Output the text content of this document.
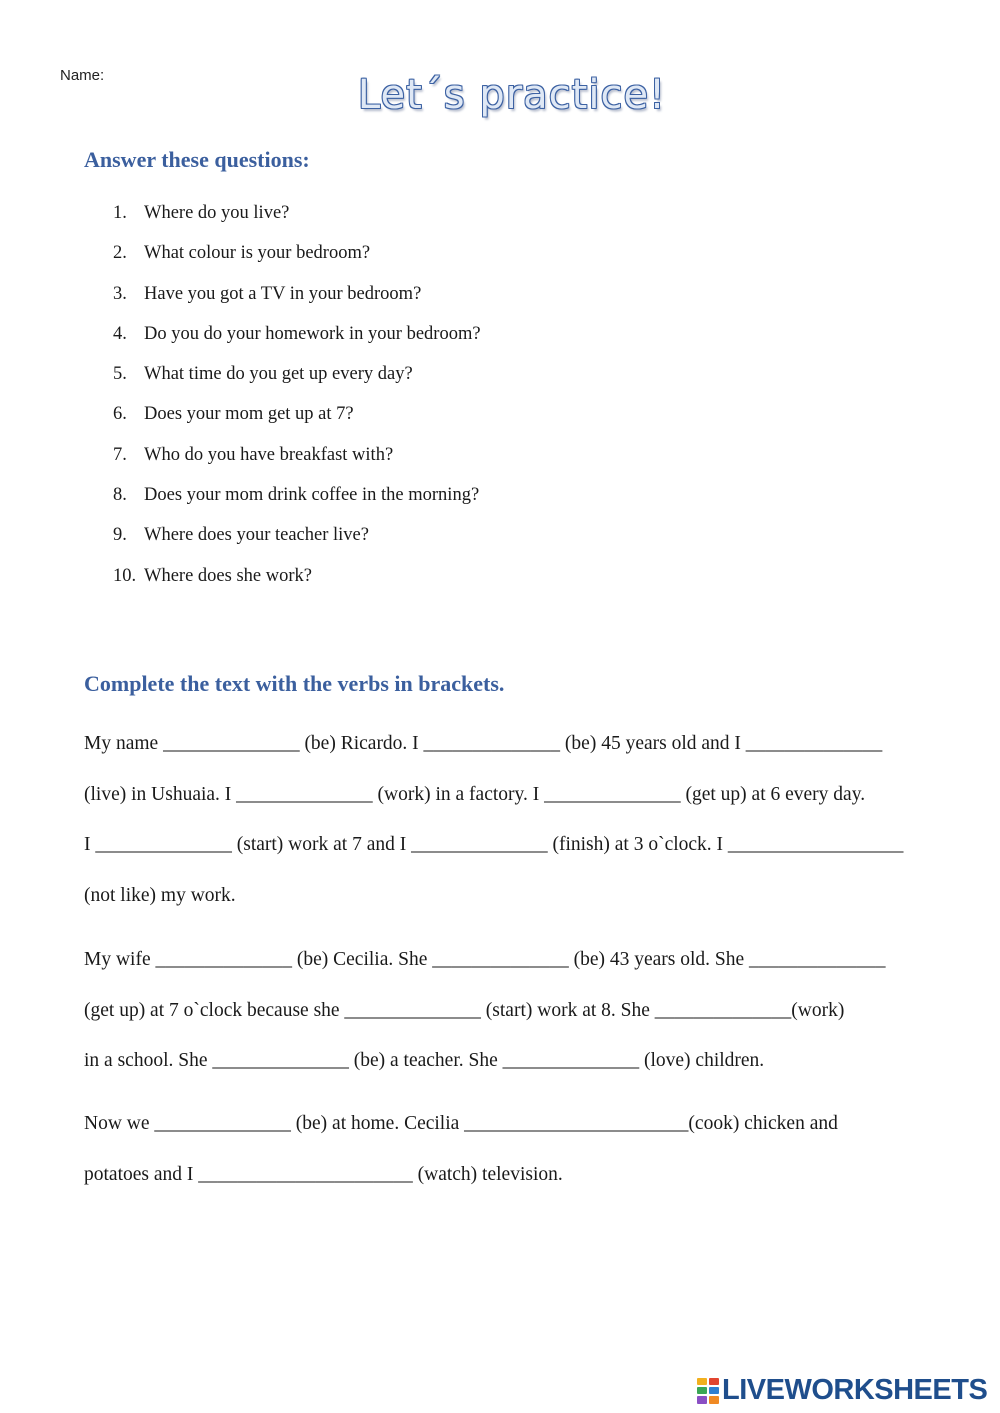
Name:	Let´s practice!
Answer these questions:
1. Where do you live?
2. What colour is your bedroom?
3. Have you got a TV in your bedroom?
4. Do you do your homework in your bedroom?
5. What time do you get up every day?
6. Does your mom get up at 7?
7. Who do you have breakfast with?
8. Does your mom drink coffee in the morning?
9. Where does your teacher live?
10. Where does she work?
Complete the text with the verbs in brackets.
My name ______________ (be) Ricardo. I ______________ (be) 45 years old and I ______________
(live) in Ushuaia. I ______________ (work) in a factory. I ______________ (get up) at 6 every day.
I ______________ (start) work at 7 and I ______________ (finish) at 3 o`clock. I __________________
(not like) my work.
My wife ______________ (be) Cecilia. She ______________ (be) 43 years old. She ______________
(get up) at 7 o`clock because she ______________ (start) work at 8. She ______________(work)
in a school. She ______________ (be) a teacher. She ______________ (love) children.
Now we ______________ (be) at home. Cecilia _______________________(cook) chicken and
potatoes and I ______________________ (watch) television.
LIVEWORKSHEETS
